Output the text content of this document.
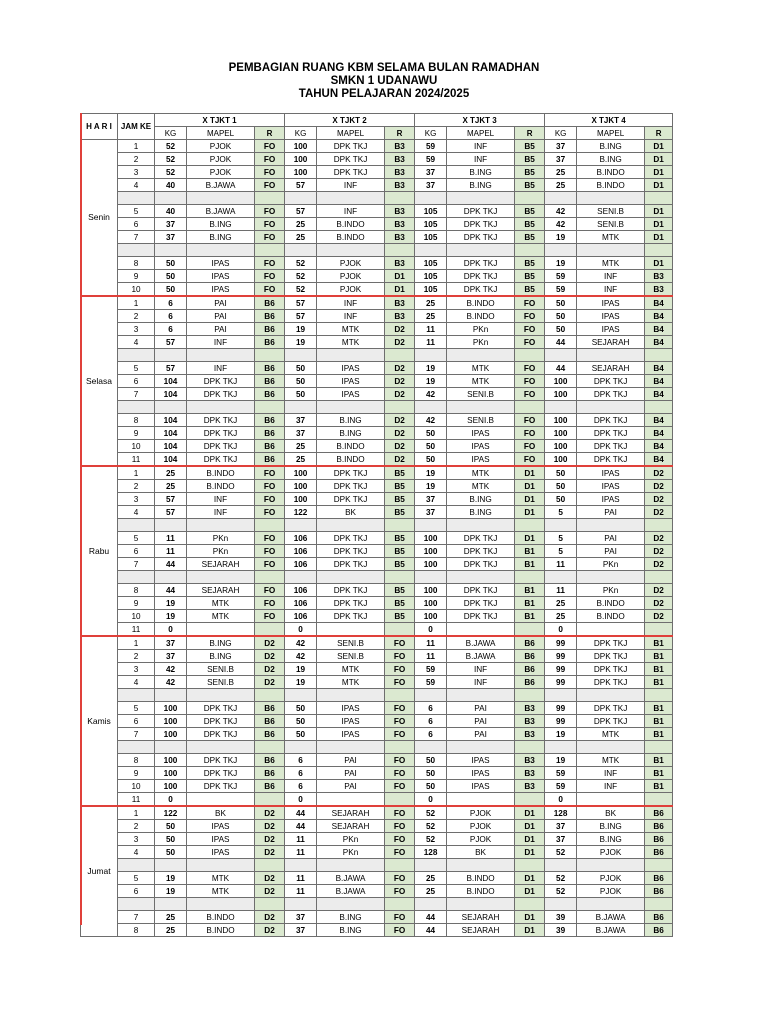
PEMBAGIAN RUANG KBM SELAMA BULAN RAMADHAN
SMKN 1 UDANAWU
TAHUN PELAJARAN 2024/2025
H A R I	JAM KE	X TJKT 1			X TJKT 2			X TJKT 3			X TJKT 4		
		KG	MAPEL	R	KG	MAPEL	R	KG	MAPEL	R	KG	MAPEL	R
Senin	1	52	PJOK	FO	100	DPK TKJ	B3	59	INF	B5	37	B.ING	D1
	2	52	PJOK	FO	100	DPK TKJ	B3	59	INF	B5	37	B.ING	D1
	3	52	PJOK	FO	100	DPK TKJ	B3	37	B.ING	B5	25	B.INDO	D1
	4	40	B.JAWA	FO	57	INF	B3	37	B.ING	B5	25	B.INDO	D1

	5	40	B.JAWA	FO	57	INF	B3	105	DPK TKJ	B5	42	SENI.B	D1
	6	37	B.ING	FO	25	B.INDO	B3	105	DPK TKJ	B5	42	SENI.B	D1
	7	37	B.ING	FO	25	B.INDO	B3	105	DPK TKJ	B5	19	MTK	D1

	8	50	IPAS	FO	52	PJOK	B3	105	DPK TKJ	B5	19	MTK	D1
	9	50	IPAS	FO	52	PJOK	D1	105	DPK TKJ	B5	59	INF	B3
	10	50	IPAS	FO	52	PJOK	D1	105	DPK TKJ	B5	59	INF	B3
Selasa	1	6	PAI	B6	57	INF	B3	25	B.INDO	FO	50	IPAS	B4
	2	6	PAI	B6	57	INF	B3	25	B.INDO	FO	50	IPAS	B4
	3	6	PAI	B6	19	MTK	D2	11	PKn	FO	50	IPAS	B4
	4	57	INF	B6	19	MTK	D2	11	PKn	FO	44	SEJARAH	B4

	5	57	INF	B6	50	IPAS	D2	19	MTK	FO	44	SEJARAH	B4
	6	104	DPK TKJ	B6	50	IPAS	D2	19	MTK	FO	100	DPK TKJ	B4
	7	104	DPK TKJ	B6	50	IPAS	D2	42	SENI.B	FO	100	DPK TKJ	B4

	8	104	DPK TKJ	B6	37	B.ING	D2	42	SENI.B	FO	100	DPK TKJ	B4
	9	104	DPK TKJ	B6	37	B.ING	D2	50	IPAS	FO	100	DPK TKJ	B4
	10	104	DPK TKJ	B6	25	B.INDO	D2	50	IPAS	FO	100	DPK TKJ	B4
	11	104	DPK TKJ	B6	25	B.INDO	D2	50	IPAS	FO	100	DPK TKJ	B4
Rabu	1	25	B.INDO	FO	100	DPK TKJ	B5	19	MTK	D1	50	IPAS	D2
	2	25	B.INDO	FO	100	DPK TKJ	B5	19	MTK	D1	50	IPAS	D2
	3	57	INF	FO	100	DPK TKJ	B5	37	B.ING	D1	50	IPAS	D2
	4	57	INF	FO	122	BK	B5	37	B.ING	D1	5	PAI	D2

	5	11	PKn	FO	106	DPK TKJ	B5	100	DPK TKJ	D1	5	PAI	D2
	6	11	PKn	FO	106	DPK TKJ	B5	100	DPK TKJ	B1	5	PAI	D2
	7	44	SEJARAH	FO	106	DPK TKJ	B5	100	DPK TKJ	B1	11	PKn	D2

	8	44	SEJARAH	FO	106	DPK TKJ	B5	100	DPK TKJ	B1	11	PKn	D2
	9	19	MTK	FO	106	DPK TKJ	B5	100	DPK TKJ	B1	25	B.INDO	D2
	10	19	MTK	FO	106	DPK TKJ	B5	100	DPK TKJ	B1	25	B.INDO	D2
	11	0			0			0			0		
Kamis	1	37	B.ING	D2	42	SENI.B	FO	11	B.JAWA	B6	99	DPK TKJ	B1
	2	37	B.ING	D2	42	SENI.B	FO	11	B.JAWA	B6	99	DPK TKJ	B1
	3	42	SENI.B	D2	19	MTK	FO	59	INF	B6	99	DPK TKJ	B1
	4	42	SENI.B	D2	19	MTK	FO	59	INF	B6	99	DPK TKJ	B1

	5	100	DPK TKJ	B6	50	IPAS	FO	6	PAI	B3	99	DPK TKJ	B1
	6	100	DPK TKJ	B6	50	IPAS	FO	6	PAI	B3	99	DPK TKJ	B1
	7	100	DPK TKJ	B6	50	IPAS	FO	6	PAI	B3	19	MTK	B1

	8	100	DPK TKJ	B6	6	PAI	FO	50	IPAS	B3	19	MTK	B1
	9	100	DPK TKJ	B6	6	PAI	FO	50	IPAS	B3	59	INF	B1
	10	100	DPK TKJ	B6	6	PAI	FO	50	IPAS	B3	59	INF	B1
	11	0			0			0			0		
Jumat	1	122	BK	D2	44	SEJARAH	FO	52	PJOK	D1	128	BK	B6
	2	50	IPAS	D2	44	SEJARAH	FO	52	PJOK	D1	37	B.ING	B6
	3	50	IPAS	D2	11	PKn	FO	52	PJOK	D1	37	B.ING	B6
	4	50	IPAS	D2	11	PKn	FO	128	BK	D1	52	PJOK	B6

	5	19	MTK	D2	11	B.JAWA	FO	25	B.INDO	D1	52	PJOK	B6
	6	19	MTK	D2	11	B.JAWA	FO	25	B.INDO	D1	52	PJOK	B6

	7	25	B.INDO	D2	37	B.ING	FO	44	SEJARAH	D1	39	B.JAWA	B6
	8	25	B.INDO	D2	37	B.ING	FO	44	SEJARAH	D1	39	B.JAWA	B6
